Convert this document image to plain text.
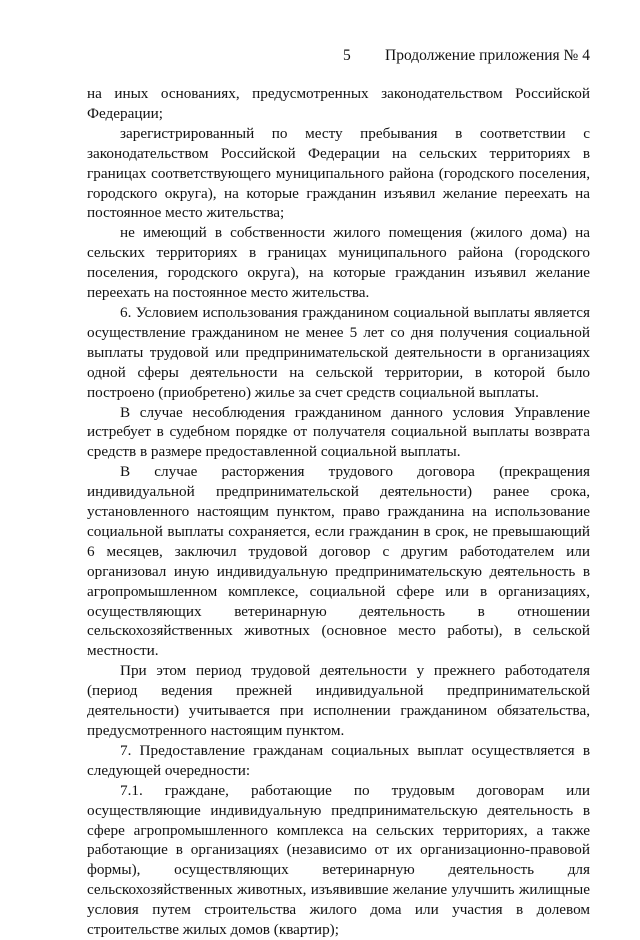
5 Продолжение приложения № 4

на иных основаниях, предусмотренных законодательством Российской Федерации;

зарегистрированный по месту пребывания в соответствии с законодательством Российской Федерации на сельских территориях в границах соответствующего муниципального района (городского поселения, городского округа), на которые гражданин изъявил желание переехать на постоянное место жительства;

не имеющий в собственности жилого помещения (жилого дома) на сельских территориях в границах муниципального района (городского поселения, городского округа), на которые гражданин изъявил желание переехать на постоянное место жительства.

6. Условием использования гражданином социальной выплаты является осуществление гражданином не менее 5 лет со дня получения социальной выплаты трудовой или предпринимательской деятельности в организациях одной сферы деятельности на сельской территории, в которой было построено (приобретено) жилье за счет средств социальной выплаты.

В случае несоблюдения гражданином данного условия Управление истребует в судебном порядке от получателя социальной выплаты возврата средств в размере предоставленной социальной выплаты.

В случае расторжения трудового договора (прекращения индивидуальной предпринимательской деятельности) ранее срока, установленного настоящим пунктом, право гражданина на использование социальной выплаты сохраняется, если гражданин в срок, не превышающий 6 месяцев, заключил трудовой договор с другим работодателем или организовал иную индивидуальную предпринимательскую деятельность в агропромышленном комплексе, социальной сфере или в организациях, осуществляющих ветеринарную деятельность в отношении сельскохозяйственных животных (основное место работы), в сельской местности.

При этом период трудовой деятельности у прежнего работодателя (период ведения прежней индивидуальной предпринимательской деятельности) учитывается при исполнении гражданином обязательства, предусмотренного настоящим пунктом.

7. Предоставление гражданам социальных выплат осуществляется в следующей очередности:

7.1. граждане, работающие по трудовым договорам или осуществляющие индивидуальную предпринимательскую деятельность в сфере агропромышленного комплекса на сельских территориях, а также работающие в организациях (независимо от их организационно-правовой формы), осуществляющих ветеринарную деятельность для сельскохозяйственных животных, изъявившие желание улучшить жилищные условия путем строительства жилого дома или участия в долевом строительстве жилых домов (квартир);
